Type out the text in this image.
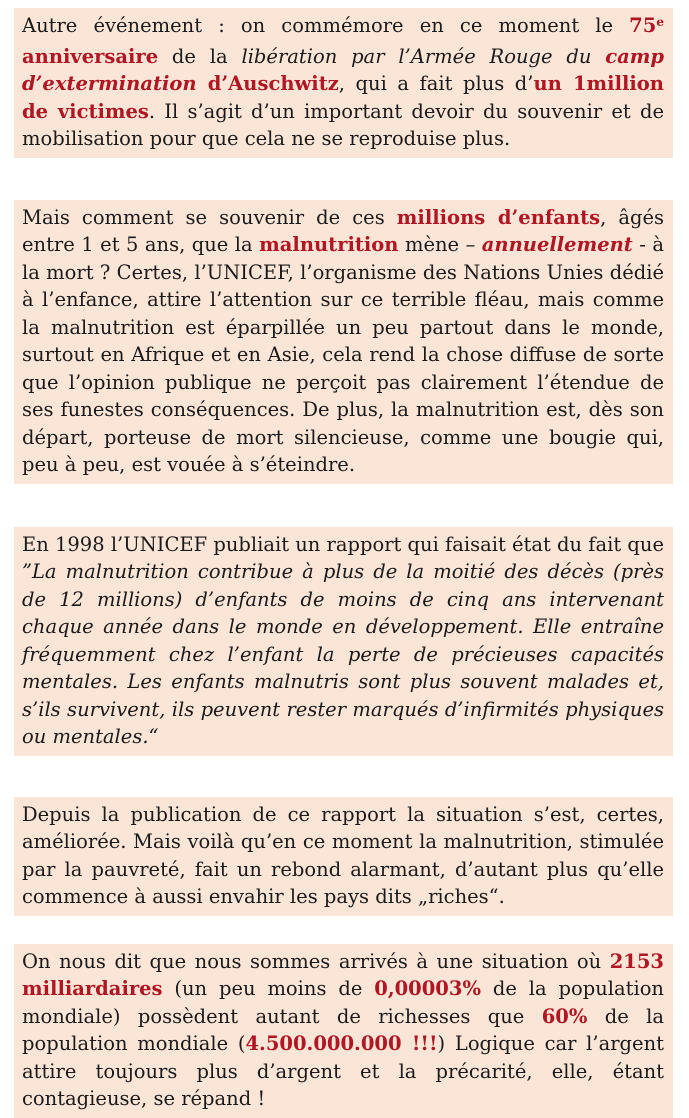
Autre événement : on commémore en ce moment le 75e anniversaire de la libération par l’Armée Rouge du camp d’extermination d’Auschwitz, qui a fait plus d’un 1million de victimes. Il s’agit d’un important devoir du souvenir et de mobilisation pour que cela ne se reproduise plus.
Mais comment se souvenir de ces millions d’enfants, âgés entre 1 et 5 ans, que la malnutrition mène – annuellement - à la mort ? Certes, l’UNICEF, l’organisme des Nations Unies dédié à l’enfance, attire l’attention sur ce terrible fléau, mais comme la malnutrition est éparpillée un peu partout dans le monde, surtout en Afrique et en Asie, cela rend la chose diffuse de sorte que l’opinion publique ne perçoit pas clairement l’étendue de ses funestes conséquences. De plus, la malnutrition est, dès son départ, porteuse de mort silencieuse, comme une bougie qui, peu à peu, est vouée à s’éteindre.
En 1998 l’UNICEF publiait un rapport qui faisait état du fait que ”La malnutrition contribue à plus de la moitié des décès (près de 12 millions) d’enfants de moins de cinq ans intervenant chaque année dans le monde en développement. Elle entraîne fréquemment chez l’enfant la perte de précieuses capacités mentales. Les enfants malnutris sont plus souvent malades et, s’ils survivent, ils peuvent rester marqués d’infirmités physiques ou mentales.“
Depuis la publication de ce rapport la situation s’est, certes, améliorée. Mais voilà qu’en ce moment la malnutrition, stimulée par la pauvreté, fait un rebond alarmant, d’autant plus qu’elle commence à aussi envahir les pays dits „riches“.
On nous dit que nous sommes arrivés à une situation où 2153 milliardaires (un peu moins de 0,00003% de la population mondiale) possèdent autant de richesses que 60% de la population mondiale (4.500.000.000 !!!) Logique car l’argent attire toujours plus d’argent et la précarité, elle, étant contagieuse, se répand !
